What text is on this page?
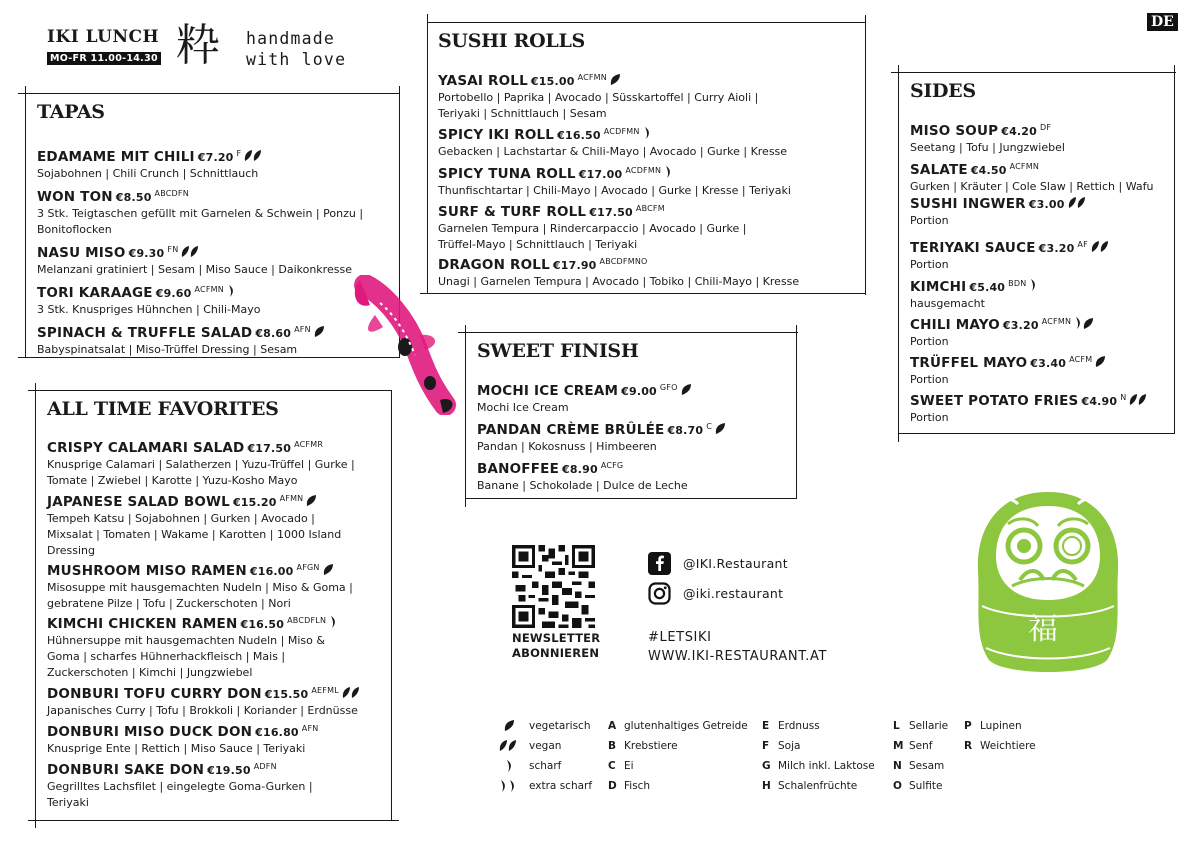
IKI LUNCH
MO-FR 11.00-14.30 粋 handmade
with love
DE
TAPAS
EDAMAME MIT CHILI €7.20 $^F$
Sojabohnen | Chili Crunch | Schnittlauch
WON TON €8.50 $^{ABCDFN}$
3 Stk. Teigtaschen gefüllt mit Garnelen & Schwein | Ponzu | Bonitoflocken
NASU MISO €9.30 $^{FN}$
Melanzani gratiniert | Sesam | Miso Sauce | Daikonkresse
TORI KARAAGE €9.60 $^{ACFMN}$
3 Stk. Knuspriges Hühnchen | Chili-Mayo
SPINACH & TRUFFLE SALAD €8.60 $^{AFN}$
Babyspinatsalat | Miso-Trüffel Dressing | Sesam
ALL TIME FAVORITES
CRISPY CALAMARI SALAD €17.50 $^{ACFMR}$
Knusprige Calamari | Salatherzen | Yuzu-Trüffel | Gurke | Tomate | Zwiebel | Karotte | Yuzu-Kosho Mayo
JAPANESE SALAD BOWL €15.20 $^{AFMN}$
Tempeh Katsu | Sojabohnen | Gurken | Avocado | Mixsalat | Tomaten | Wakame | Karotten | 1000 Island Dressing
MUSHROOM MISO RAMEN €16.00 $^{AFGN}$
Misosuppe mit hausgemachten Nudeln | Miso & Goma | gebratene Pilze | Tofu | Zuckerschoten | Nori
KIMCHI CHICKEN RAMEN €16.50 $^{ABCDFLN}$
Hühnersuppe mit hausgemachten Nudeln | Miso & Goma | scharfes Hühnerhackfleisch | Mais | Zuckerschoten | Kimchi | Jungzwiebel
DONBURI TOFU CURRY DON €15.50 $^{AEFML}$
Japanisches Curry | Tofu | Brokkoli | Koriander | Erdnüsse
DONBURI MISO DUCK DON €16.80 $^{AFN}$
Knusprige Ente | Rettich | Miso Sauce | Teriyaki
DONBURI SAKE DON €19.50 $^{ADFN}$
Gegrilltes Lachsfilet | eingelegte Goma-Gurken | Teriyaki
SUSHI ROLLS
YASAI ROLL €15.00 $^{ACFMN}$
Portobello | Paprika | Avocado | Süsskartoffel | Curry Aioli | Teriyaki | Schnittlauch | Sesam
SPICY IKI ROLL €16.50 $^{ACDFMN}$
Gebacken | Lachstartar & Chili-Mayo | Avocado | Gurke | Kresse
SPICY TUNA ROLL €17.00 $^{ACDFMN}$
Thunfischtartar | Chili-Mayo | Avocado | Gurke | Kresse | Teriyaki
SURF & TURF ROLL €17.50 $^{ABCFM}$
Garnelen Tempura | Rindercarpaccio | Avocado | Gurke | Trüffel-Mayo | Schnittlauch | Teriyaki
DRAGON ROLL €17.90 $^{ABCDFMNO}$
Unagi | Garnelen Tempura | Avocado | Tobiko | Chili-Mayo | Kresse
SWEET FINISH
MOCHI ICE CREAM €9.00 $^{GFO}$
Mochi Ice Cream
PANDAN CRÈME BRÛLÉE €8.70 $^C$
Pandan | Kokosnuss | Himbeeren
BANOFFEE €8.90 $^{ACFG}$
Banane | Schokolade | Dulce de Leche
SIDES
MISO SOUP €4.20 $^{DF}$
Seetang | Tofu | Jungzwiebel
SALATE €4.50 $^{ACFMN}$
Gurken | Kräuter | Cole Slaw | Rettich | Wafu
SUSHI INGWER €3.00
Portion
TERIYAKI SAUCE €3.20 $^{AF}$
Portion
KIMCHI €5.40 $^{BDN}$
hausgemacht
CHILI MAYO €3.20 $^{ACFMN}$
Portion
TRÜFFEL MAYO €3.40 $^{ACFM}$
Portion
SWEET POTATO FRIES €4.90 $^N$
Portion
福
NEWSLETTER ABONNIEREN
@IKI.Restaurant
@iki.restaurant
#LETSIKI
WWW.IKI-RESTAURANT.AT
vegetarisch
vegan
scharf
extra scharf
A glutenhaltiges Getreide
B Krebstiere
C Ei
D Fisch
E Erdnuss
F Soja
G Milch inkl. Laktose
H Schalenfrüchte
L Sellarie
M Senf
N Sesam
O Sulfite
P Lupinen
R Weichtiere
